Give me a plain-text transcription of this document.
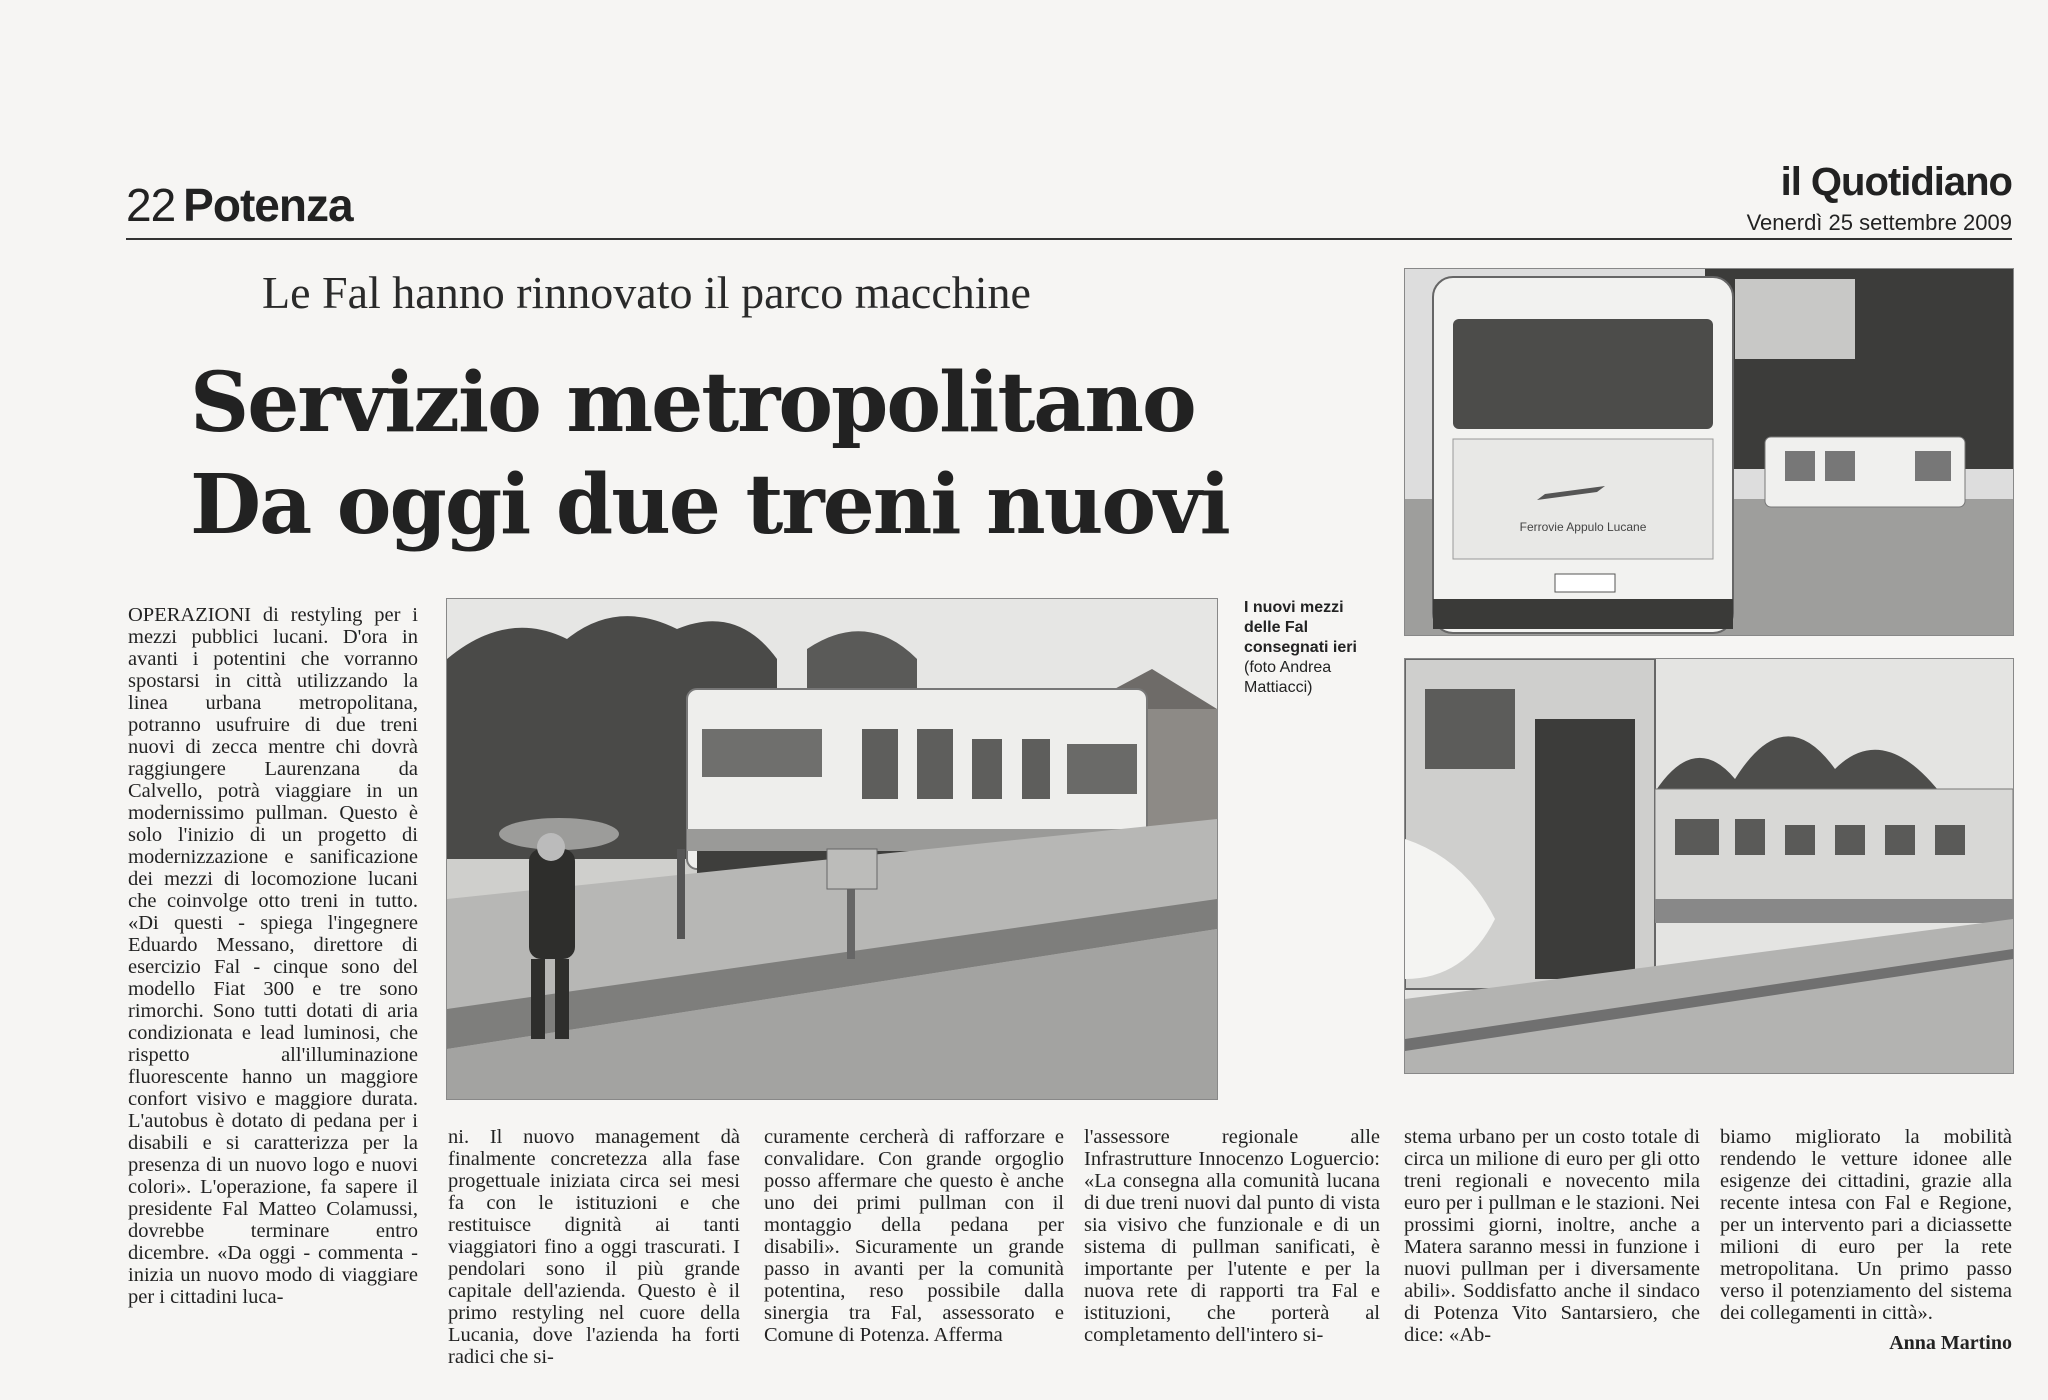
22 Potenza	il Quotidiano
Venerdì 25 settembre 2009
Le Fal hanno rinnovato il parco macchine
Servizio metropolitano
Da oggi due treni nuovi
I nuovi mezzi delle Fal consegnati ieri
(foto Andrea Mattiacci)
Ferrovie Appulo Lucane
OPERAZIONI di restyling per i mezzi pubblici lucani. D'ora in avanti i potentini che vorranno spostarsi in città utilizzando la linea urbana metropolitana, potranno usufruire di due treni nuovi di zecca mentre chi dovrà raggiungere Laurenzana da Calvello, potrà viaggiare in un modernissimo pullman. Questo è solo l'inizio di un progetto di modernizzazione e sanificazione dei mezzi di locomozione lucani che coinvolge otto treni in tutto. «Di questi - spiega l'ingegnere Eduardo Messano, direttore di esercizio Fal - cinque sono del modello Fiat 300 e tre sono rimorchi. Sono tutti dotati di aria condizionata e lead luminosi, che rispetto all'illuminazione fluorescente hanno un maggiore confort visivo e maggiore durata. L'autobus è dotato di pedana per i disabili e si caratterizza per la presenza di un nuovo logo e nuovi colori». L'operazione, fa sapere il presidente Fal Matteo Colamussi, dovrebbe terminare entro dicembre. «Da oggi - commenta - inizia un nuovo modo di viaggiare per i cittadini luca-
ni. Il nuovo management dà finalmente concretezza alla fase progettuale iniziata circa sei mesi fa con le istituzioni e che restituisce dignità ai tanti viaggiatori fino a oggi trascurati. I pendolari sono il più grande capitale dell'azienda. Questo è il primo restyling nel cuore della Lucania, dove l'azienda ha forti radici che si-
curamente cercherà di rafforzare e convalidare. Con grande orgoglio posso affermare che questo è anche uno dei primi pullman con il montaggio della pedana per disabili». Sicuramente un grande passo in avanti per la comunità potentina, reso possibile dalla sinergia tra Fal, assessorato e Comune di Potenza. Afferma
l'assessore regionale alle Infrastrutture Innocenzo Loguercio: «La consegna alla comunità lucana di due treni nuovi dal punto di vista sia visivo che funzionale e di un sistema di pullman sanificati, è importante per l'utente e per la nuova rete di rapporti tra Fal e istituzioni, che porterà al completamento dell'intero si-
stema urbano per un costo totale di circa un milione di euro per gli otto treni regionali e novecento mila euro per i pullman e le stazioni. Nei prossimi giorni, inoltre, anche a Matera saranno messi in funzione i nuovi pullman per i diversamente abili». Soddisfatto anche il sindaco di Potenza Vito Santarsiero, che dice: «Ab-
biamo migliorato la mobilità rendendo le vetture idonee alle esigenze dei cittadini, grazie alla recente intesa con Fal e Regione, per un intervento pari a diciassette milioni di euro per la rete metropolitana. Un primo passo verso il potenziamento del sistema dei collegamenti in città».
Anna Martino
